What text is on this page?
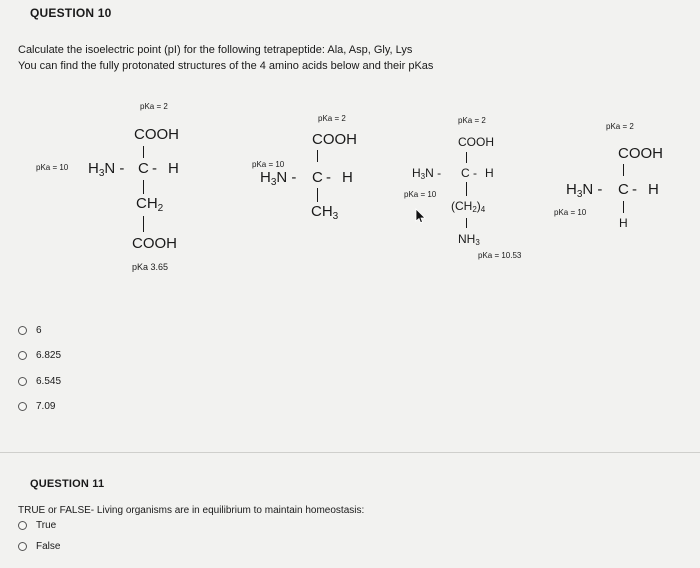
QUESTION 10
Calculate the isoelectric point (pI) for the following tetrapeptide: Ala, Asp, Gly, Lys
You can find the fully protonated structures of the 4 amino acids below and their pKas
pKa = 2
COOH
pKa = 10 $H_3N$ - C - H
$CH_2$
COOH
pKa 3.65
pKa = 2
COOH
pKa = 10
$H_3N$ - C - H
$CH_3$
pKa = 2
COOH
$H_3N$ - C - H
pKa = 10
$(CH_2)_4$
$NH_3$
pKa = 10.53
pKa = 2
COOH
$H_3N$ - C - H
pKa = 10
H
6
6.825
6.545
7.09
QUESTION 11
TRUE or FALSE- Living organisms are in equilibrium to maintain homeostasis:
True
False
